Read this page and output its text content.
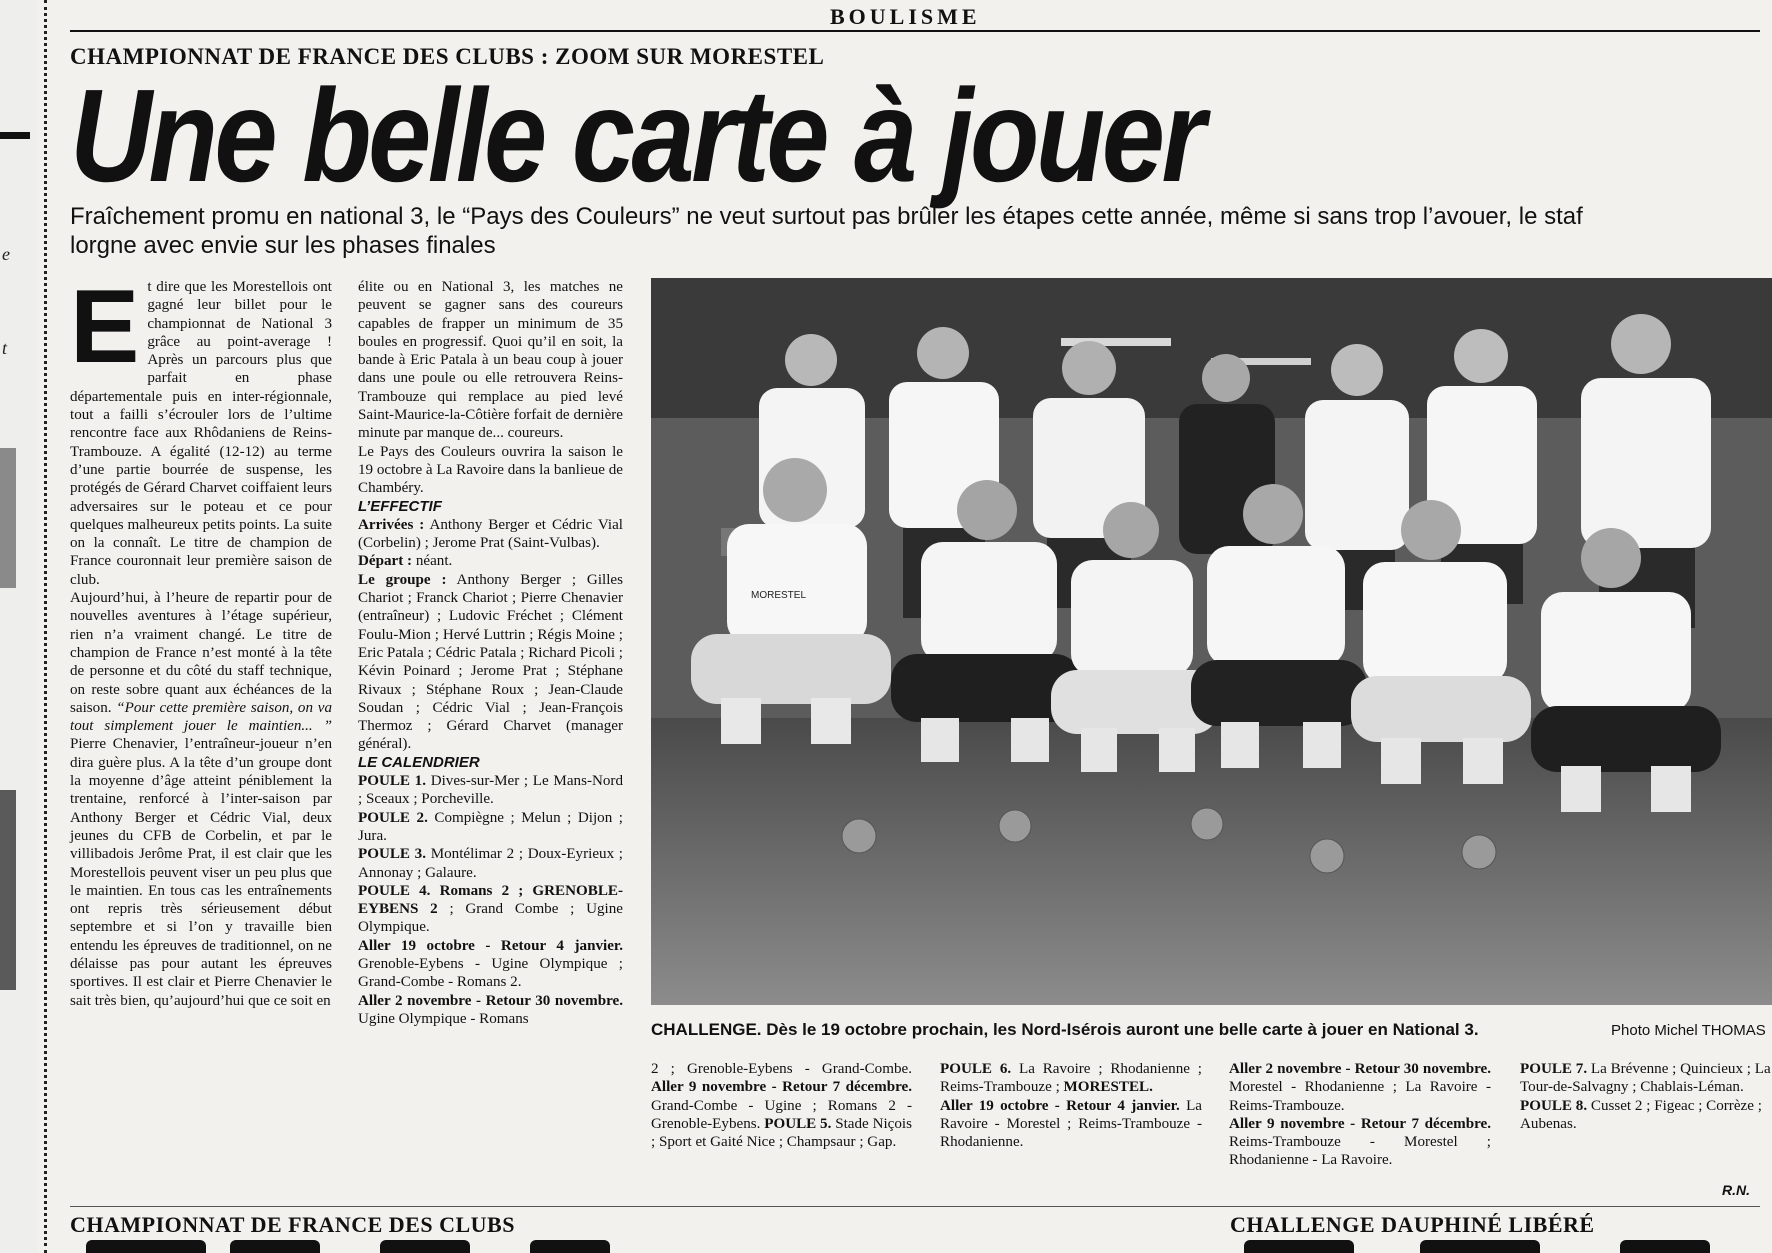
e
t
BOULISME
CHAMPIONNAT DE FRANCE DES CLUBS : ZOOM SUR MORESTEL
Une belle carte à jouer
Fraîchement promu en national 3, le “Pays des Couleurs” ne veut surtout pas brûler les étapes cette année, même si sans trop l’avouer, le staf
lorgne avec envie sur les phases finales
E t dire que les Morestellois ont gagné leur billet pour le championnat de National 3 grâce au point-average ! Après un parcours plus que parfait en phase départementale puis en inter-régionnale, tout a failli s’écrouler lors de l’ultime rencontre face aux Rhôdaniens de Reins-Trambouze. A égalité (12-12) au terme d’une partie bourrée de suspense, les protégés de Gérard Charvet coiffaient leurs adversaires sur le poteau et ce pour quelques malheureux petits points. La suite on la connaît. Le titre de champion de France couronnait leur première saison de club.

Aujourd’hui, à l’heure de repartir pour de nouvelles aventures à l’étage supérieur, rien n’a vraiment changé. Le titre de champion de France n’est monté à la tête de personne et du côté du staff technique, on reste sobre quant aux échéances de la saison. “Pour cette première saison, on va tout simplement jouer le maintien... ” Pierre Chenavier, l’entraîneur-joueur n’en dira guère plus. A la tête d’un groupe dont la moyenne d’âge atteint péniblement la trentaine, renforcé à l’inter-saison par Anthony Berger et Cédric Vial, deux jeunes du CFB de Corbelin, et par le villibadois Jerôme Prat, il est clair que les Morestellois peuvent viser un peu plus que le maintien. En tous cas les entraînements ont repris très sérieusement début septembre et si l’on y travaille bien entendu les épreuves de traditionnel, on ne délaisse pas pour autant les épreuves sportives. Il est clair et Pierre Chenavier le sait très bien, qu’aujourd’hui que ce soit en

élite ou en National 3, les matches ne peuvent se gagner sans des coureurs capables de frapper un minimum de 35 boules en progressif. Quoi qu’il en soit, la bande à Eric Patala à un beau coup à jouer dans une poule ou elle retrouvera Reins-Trambouze qui remplace au pied levé Saint-Maurice-la-Côtière forfait de dernière minute par manque de... coureurs.

Le Pays des Couleurs ouvrira la saison le 19 octobre à La Ravoire dans la banlieue de Chambéry.

L’EFFECTIF

Arrivées : Anthony Berger et Cédric Vial (Corbelin) ; Jerome Prat (Saint-Vulbas).

Départ : néant.

Le groupe : Anthony Berger ; Gilles Chariot ; Franck Chariot ; Pierre Chenavier (entraîneur) ; Ludovic Fréchet ; Clément Foulu-Mion ; Hervé Luttrin ; Régis Moine ; Eric Patala ; Cédric Patala ; Richard Picoli ; Kévin Poinard ; Jerome Prat ; Stéphane Rivaux ; Stéphane Roux ; Jean-Claude Soudan ; Cédric Vial ; Jean-François Thermoz ; Gérard Charvet (manager général).

LE CALENDRIER

POULE 1. Dives-sur-Mer ; Le Mans-Nord ; Sceaux ; Porcheville.

POULE 2. Compiègne ; Melun ; Dijon ; Jura.

POULE 3. Montélimar 2 ; Doux-Eyrieux ; Annonay ; Galaure.

POULE 4. Romans 2 ; GRENOBLE-EYBENS 2 ; Grand Combe ; Ugine Olympique.

Aller 19 octobre - Retour 4 janvier. Grenoble-Eybens - Ugine Olympique ; Grand-Combe - Romans 2.

Aller 2 novembre - Retour 30 novembre. Ugine Olympique - Romans

MORESTEL
CHALLENGE. Dès le 19 octobre prochain, les Nord-Isérois auront une belle carte à jouer en National 3.	Photo Michel THOMAS
2 ; Grenoble-Eybens - Grand-Combe. Aller 9 novembre - Retour 7 décembre. Grand-Combe - Ugine ; Romans 2 - Grenoble-Eybens. POULE 5. Stade Niçois ; Sport et Gaité Nice ; Champsaur ; Gap.
POULE 6. La Ravoire ; Rhodanienne ; Reims-Trambouze ; MORESTEL.
Aller 19 octobre - Retour 4 janvier. La Ravoire - Morestel ; Reims-Trambouze - Rhodanienne.
Aller 2 novembre - Retour 30 novembre. Morestel - Rhodanienne ; La Ravoire - Reims-Trambouze.
Aller 9 novembre - Retour 7 décembre. Reims-Trambouze - Morestel ; Rhodanienne - La Ravoire.
POULE 7. La Brévenne ; Quincieux ; La Tour-de-Salvagny ; Chablais-Léman.
POULE 8. Cusset 2 ; Figeac ; Corrèze ; Aubenas.
R.N.
CHAMPIONNAT DE FRANCE DES CLUBS	CHALLENGE DAUPHINÉ LIBÉRÉ
